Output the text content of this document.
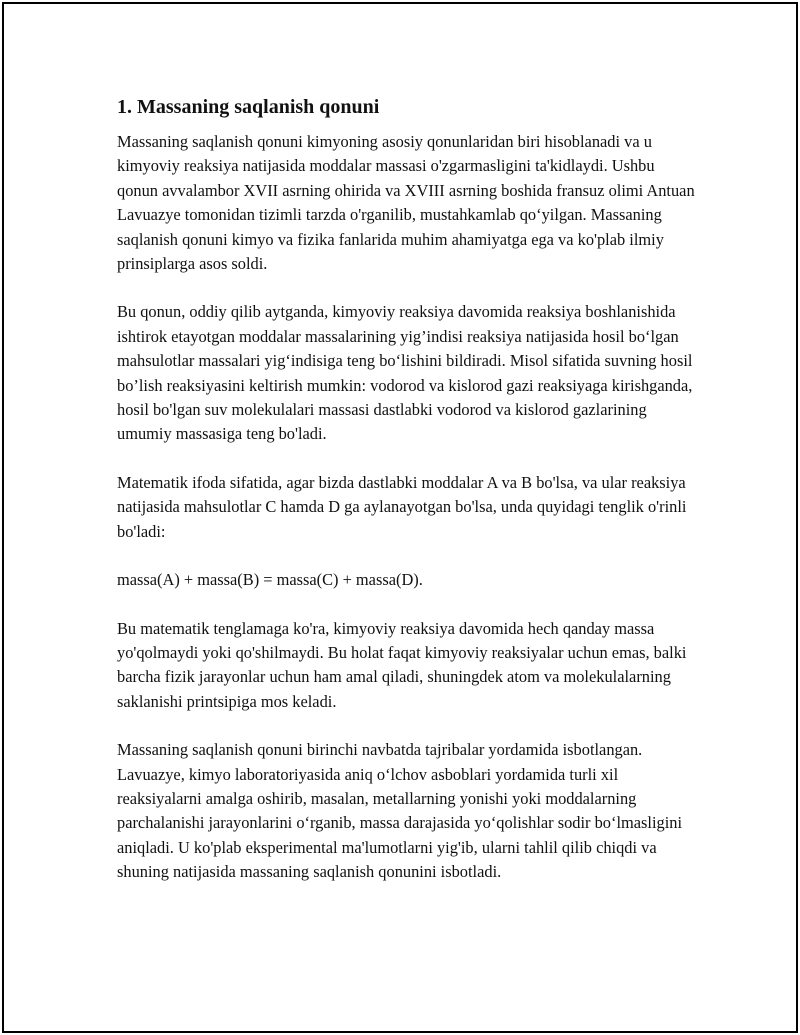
1. Massaning saqlanish qonuni

Massaning saqlanish qonuni kimyoning asosiy qonunlaridan biri hisoblanadi va u kimyoviy reaksiya natijasida moddalar massasi o'zgarmasligini ta'kidlaydi. Ushbu qonun avvalambor XVII asrning ohirida va XVIII asrning boshida fransuz olimi Antuan Lavuazye tomonidan tizimli tarzda o'rganilib, mustahkamlab qo‘yilgan. Massaning saqlanish qonuni kimyo va fizika fanlarida muhim ahamiyatga ega va ko'plab ilmiy prinsiplarga asos soldi.

Bu qonun, oddiy qilib aytganda, kimyoviy reaksiya davomida reaksiya boshlanishida ishtirok etayotgan moddalar massalarining yig’indisi reaksiya natijasida hosil bo‘lgan mahsulotlar massalari yig‘indisiga teng bo‘lishini bildiradi. Misol sifatida suvning hosil bo’lish reaksiyasini keltirish mumkin: vodorod va kislorod gazi reaksiyaga kirishganda, hosil bo'lgan suv molekulalari massasi dastlabki vodorod va kislorod gazlarining umumiy massasiga teng bo'ladi.

Matematik ifoda sifatida, agar bizda dastlabki moddalar A va B bo'lsa, va ular reaksiya natijasida mahsulotlar C hamda D ga aylanayotgan bo'lsa, unda quyidagi tenglik o'rinli bo'ladi:

massa(A) + massa(B) = massa(C) + massa(D).

Bu matematik tenglamaga ko'ra, kimyoviy reaksiya davomida hech qanday massa yo'qolmaydi yoki qo'shilmaydi. Bu holat faqat kimyoviy reaksiyalar uchun emas, balki barcha fizik jarayonlar uchun ham amal qiladi, shuningdek atom va molekulalarning saklanishi printsipiga mos keladi.

Massaning saqlanish qonuni birinchi navbatda tajribalar yordamida isbotlangan. Lavuazye, kimyo laboratoriyasida aniq o‘lchov asboblari yordamida turli xil reaksiyalarni amalga oshirib, masalan, metallarning yonishi yoki moddalarning parchalanishi jarayonlarini o‘rganib, massa darajasida yo‘qolishlar sodir bo‘lmasligini aniqladi. U ko'plab eksperimental ma'lumotlarni yig'ib, ularni tahlil qilib chiqdi va shuning natijasida massaning saqlanish qonunini isbotladi.
